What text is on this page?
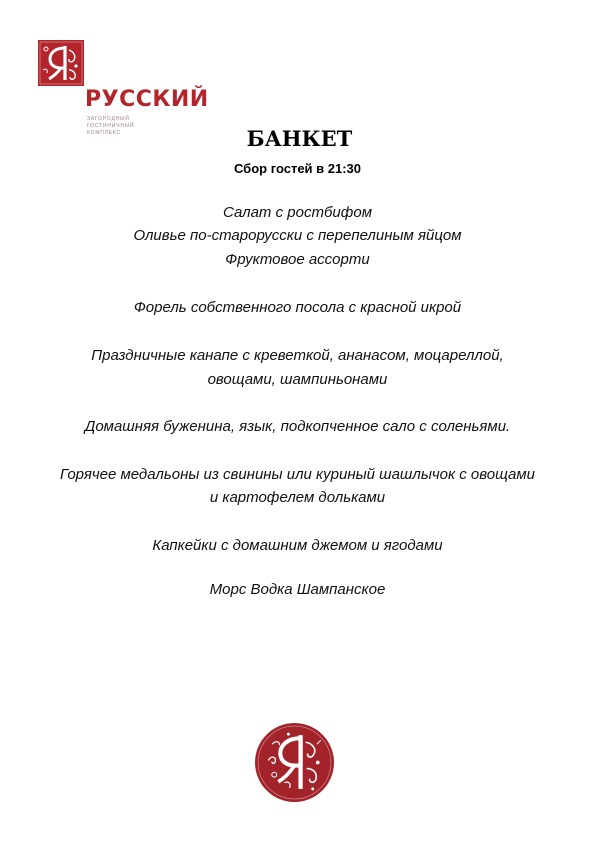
РУССКИЙ
ЗАГОРОДНЫЙ ГОСТИНИЧНЫЙ КОМПЛЕКС	БАНКЕТ
Сбор гостей в 21:30
Салат с ростбифом
Оливье по-старорусски с перепелиным яйцом
Фруктовое ассорти
Форель собственного посола с красной икрой
Праздничные канапе с креветкой, ананасом, моцареллой,
овощами, шампиньонами
Домашняя буженина, язык, подкопченное сало с соленьями.
Горячее медальоны из свинины или куриный шашлычок с овощами
и картофелем дольками
Капкейки с домашним джемом и ягодами
Морс Водка Шампанское
